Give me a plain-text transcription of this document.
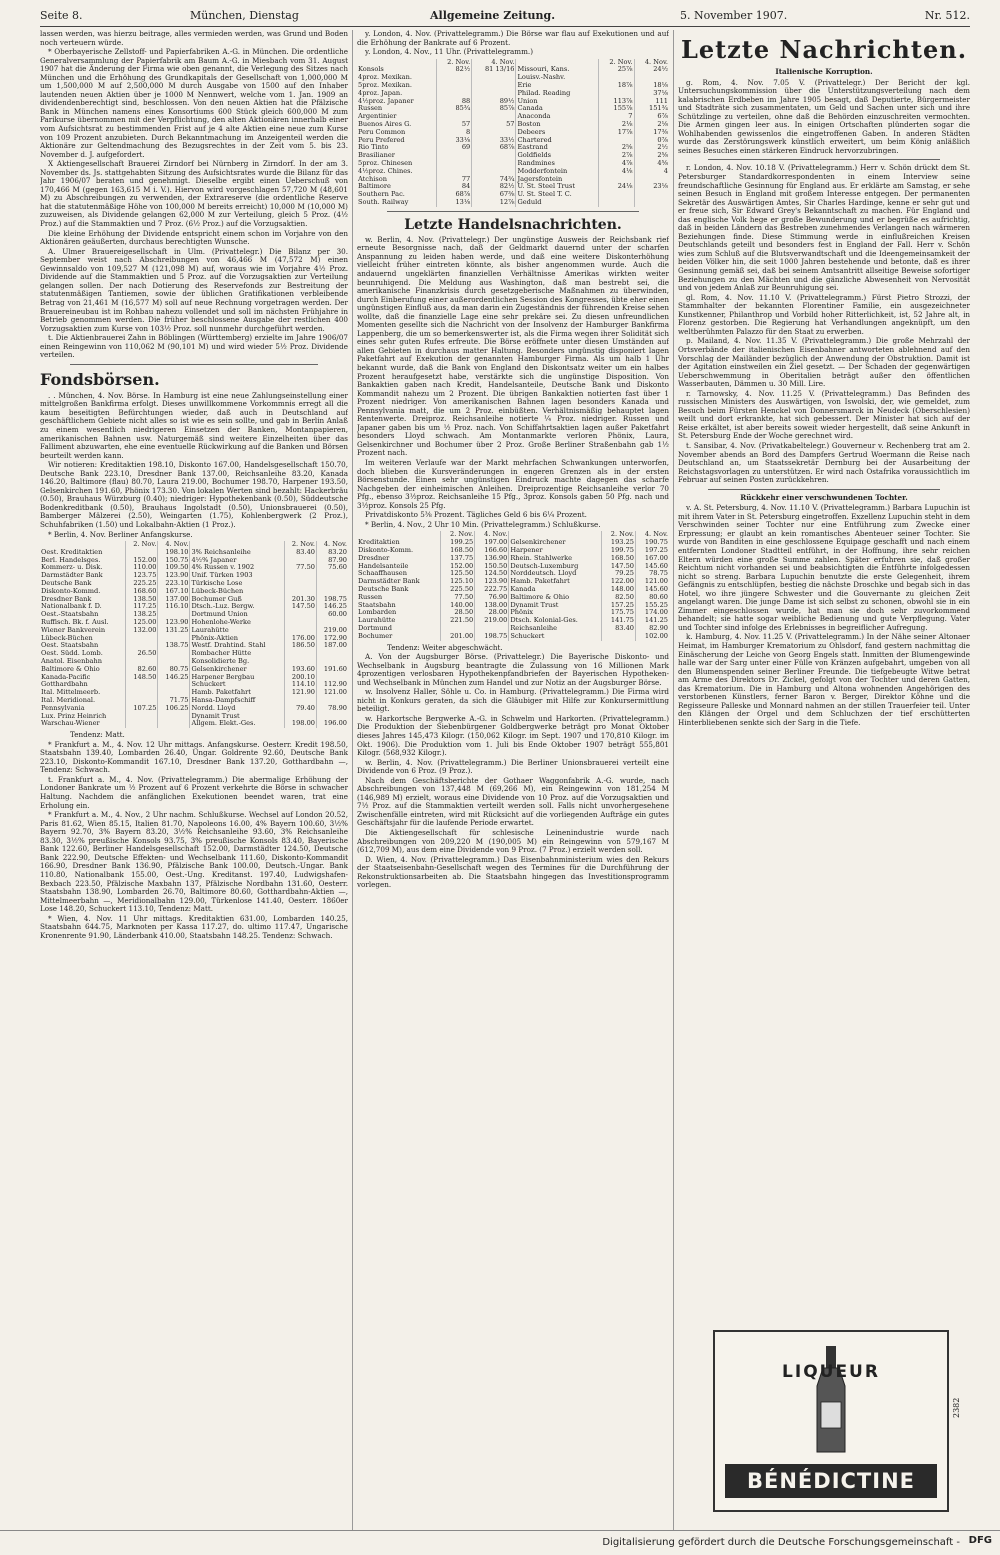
Seite 8.	München, Dienstag	Allgemeine Zeitung.	5. November 1907.	Nr. 512.

lassen werden, was hierzu beitrage, alles vermieden werden, was Grund und Boden noch verteuern würde.

* Oberbayerische Zellstoff- und Papierfabriken A.-G. in München. Die ordentliche Generalversammlung der Papierfabrik am Baum A.-G. in Miesbach vom 31. August 1907 hat die Änderung der Firma wie oben genannt, die Verlegung des Sitzes nach München und die Erhöhung des Grundkapitals der Gesellschaft von 1,000,000 M um 1,500,000 M auf 2,500,000 M durch Ausgabe von 1500 auf den Inhaber lautenden neuen Aktien über je 1000 M Nennwert, welche vom 1. Jan. 1909 an dividendenberechtigt sind, beschlossen. Von den neuen Aktien hat die Pfälzische Bank in München namens eines Konsortiums 600 Stück gleich 600,000 M zum Parikurse übernommen mit der Verpflichtung, den alten Aktionären innerhalb einer vom Aufsichtsrat zu bestimmenden Frist auf je 4 alte Aktien eine neue zum Kurse von 109 Prozent anzubieten. Durch Bekanntmachung im Anzeigenteil werden die Aktionäre zur Geltendmachung des Bezugsrechtes in der Zeit vom 5. bis 23. November d. J. aufgefordert.

X Aktiengesellschaft Brauerei Zirndorf bei Nürnberg in Zirndorf. In der am 3. November ds. Js. stattgehabten Sitzung des Aufsichtsrates wurde die Bilanz für das Jahr 1906/07 beraten und genehmigt. Dieselbe ergibt einen Ueberschuß von 170,466 M (gegen 163,615 M i. V.). Hiervon wird vorgeschlagen 57,720 M (48,601 M) zu Abschreibungen zu verwenden, der Extrareserve (die ordentliche Reserve hat die statutenmäßige Höhe von 100,000 M bereits erreicht) 10,000 M (10,000 M) zuzuweisen, als Dividende gelangen 62,000 M zur Verteilung, gleich 5 Proz. (4½ Proz.) auf die Stammaktien und 7 Proz. (6½ Proz.) auf die Vorzugsaktien.

Die kleine Erhöhung der Dividende entspricht einem schon im Vorjahre von den Aktionären geäußerten, durchaus berechtigten Wunsche.

A. Ulmer Brauereigesellschaft in Ulm. (Privattelegr.) Die Bilanz per 30. September weist nach Abschreibungen von 46,466 M (47,572 M) einen Gewinnsaldo von 109,527 M (121,098 M) auf, woraus wie im Vorjahre 4½ Proz. Dividende auf die Stammaktien und 5 Proz. auf die Vorzugsaktien zur Verteilung gelangen sollen. Der nach Dotierung des Reservefonds zur Bestreitung der statutenmäßigen Tantiemen, sowie der üblichen Gratifikationen verbleibende Betrag von 21,461 M (16,577 M) soll auf neue Rechnung vorgetragen werden. Der Brauereineubau ist im Rohbau nahezu vollendet und soll im nächsten Frühjahre in Betrieb genommen werden. Die früher beschlossene Ausgabe der restlichen 400 Vorzugsaktien zum Kurse von 103½ Proz. soll nunmehr durchgeführt werden.

t. Die Aktienbrauerei Zahn in Böblingen (Württemberg) erzielte im Jahre 1906/07 einen Reingewinn von 110,062 M (90,101 M) und wird wieder 5½ Proz. Dividende verteilen.

Fondsbörsen.

. . München, 4. Nov. Börse. In Hamburg ist eine neue Zahlungseinstellung einer mittelgroßen Bankfirma erfolgt. Dieses unwillkommene Vorkommnis erregt all die kaum beseitigten Befürchtungen wieder, daß auch in Deutschland auf geschäftlichem Gebiete nicht alles so ist wie es sein sollte, und gab in Berlin Anlaß zu einem wesentlich niedrigeren Einsetzen der Banken, Montanpapieren, amerikanischen Bahnen usw. Naturgemäß sind weitere Einzelheiten über das Falliment abzuwarten, ehe eine eventuelle Rückwirkung auf die Banken und Börsen beurteilt werden kann.

Wir notieren: Kreditaktien 198.10, Diskonto 167.00, Handelsgesellschaft 150.70, Deutsche Bank 223.10, Dresdner Bank 137.00, Reichsanleihe 83.20, Kanada 146.20, Baltimore (flau) 80.70, Laura 219.00, Bochumer 198.70, Harpener 193.50, Gelsenkirchen 191.60, Phönix 173.30. Von lokalen Werten sind bezahlt: Hackerbräu (0.50), Brauhaus Würzburg (0.40); niedriger: Hypothekenbank (0.50), Süddeutsche Bodenkreditbank (0.50), Brauhaus Ingolstadt (0.50), Unionsbrauerei (0.50), Bamberger Mälzerei (2.50), Weingarten (1.75), Kohlenbergwerk (2 Proz.), Schuhfabriken (1.50) und Lokalbahn-Aktien (1 Proz.).

* Berlin, 4. Nov. Berliner Anfangskurse.

	2. Nov.	4. Nov.		2. Nov.	4. Nov.
Oest. Kreditaktien		198.10	3% Reichsanleihe	83.40	83.20
Berl. Handelsges.	152.00	150.75	4½% Japaner		87.90
Kommerz- u. Disk.	110.00	109.50	4% Russen v. 1902	77.50	75.60
Darmstädter Bank	123.75	123.90	Unif. Türken 1903		
Deutsche Bank	225.25	223.10	Türkische Lose		
Diskonto-Kommd.	168.60	167.10	Lübeck-Büchen		
Dresdner Bank	138.50	137.00	Bochumer Guß	201.30	198.75
Nationalbank f. D.	117.25	116.10	Dtsch.-Luz. Bergw.	147.50	146.25
Oest.-Staatsbahn	138.25		Dortmund Union		60.00
Ruffisch. Bk. f. Ausl.	125.00	123.90	Hohenlohe-Werke		
Wiener Bankverein	132.00	131.25	Laurahütte		219.00
Lübeck-Büchen			Phönix-Aktien	176.00	172.90
Oest. Staatsbahn		138.75	Westf. Drahtind. Stahl	186.50	187.00
Oest. Südd. Lomb.	26.50		Rombacher Hütte		
Anatol. Eisenbahn			Konsolidierte Bg.		
Baltimore & Ohio	82.60	80.75	Gelsenkirchener	193.60	191.60
Kanada-Pacific	148.50	146.25	Harpener Bergbau	200.10	
Gotthardbahn			Schuckert	114.10	112.90
Ital. Mittelmeerb.			Hamb. Paketfahrt	121.90	121.00
Ital. Meridional.		71.75	Hansa-Dampfschiff		
Pennsylvania	107.25	106.25	Nordd. Lloyd	79.40	78.90
Lux. Prinz Heinrich			Dynamit Trust		
Warschau-Wiener			Allgem. Elekt.-Ges.	198.00	196.00

Tendenz: Matt.

* Frankfurt a. M., 4. Nov. 12 Uhr mittags. Anfangskurse. Oesterr. Kredit 198.50, Staatsbahn 139.40, Lombarden 26.40, Ungar. Goldrente 92.60, Deutsche Bank 223.10, Diskonto-Kommandit 167.10, Dresdner Bank 137.20, Gotthardbahn —, Tendenz: Schwach.

t. Frankfurt a. M., 4. Nov. (Privattelegramm.) Die abermalige Erhöhung der Londoner Bankrate um ½ Prozent auf 6 Prozent verkehrte die Börse in schwacher Haltung. Nachdem die anfänglichen Exekutionen beendet waren, trat eine Erholung ein.

* Frankfurt a. M., 4. Nov., 2 Uhr nachm. Schlußkurse. Wechsel auf London 20.52, Paris 81.62, Wien 85.15, Italien 81.70, Napoleons 16.00, 4% Bayern 100.60, 3½% Bayern 92.70, 3% Bayern 83.20, 3½% Reichsanleihe 93.60, 3% Reichsanleihe 83.30, 3½% preußische Konsols 93.75, 3% preußische Konsols 83.40, Bayerische Bank 122.60, Berliner Handelsgesellschaft 152.00, Darmstädter 124.50, Deutsche Bank 222.90, Deutsche Effekten- und Wechselbank 111.60, Diskonto-Kommandit 166.90, Dresdner Bank 136.90, Pfälzische Bank 100.00, Deutsch.-Ungar. Bank 110.80, Nationalbank 155.00, Oest.-Ung. Kreditanst. 197.40, Ludwigshafen-Bexbach 223.50, Pfälzische Maxbahn 137, Pfälzische Nordbahn 131.60, Oesterr. Staatsbahn 138.90, Lombarden 26.70, Baltimore 80.60, Gotthardbahn-Aktien —, Mittelmeerbahn —, Meridionalbahn 129.00, Türkenlose 141.40, Oesterr. 1860er Lose 148.20, Schuckert 113.10, Tendenz: Matt.

* Wien, 4. Nov. 11 Uhr mittags. Kreditaktien 631.00, Lombarden 140.25, Staatsbahn 644.75, Marknoten per Kassa 117.27, do. ultimo 117.47, Ungarische Kronenrente 91.90, Länderbank 410.00, Staatsbahn 148.25. Tendenz: Schwach.

y. London, 4. Nov. (Privattelegramm.) Die Börse war flau auf Exekutionen und auf die Erhöhung der Bankrate auf 6 Prozent.

y. London, 4. Nov., 11 Uhr. (Privattelegramm.)

	2. Nov.	4. Nov.		2. Nov.	4. Nov.
Konsols	82½	81 13/16	Missouri, Kans.	25⅞	24½
4proz. Mexikan.			Louisv.-Nashv.		
5proz. Mexikan.			Erie	18⅞	18⅛
4proz. Japan.			Philad. Reading		37⅛
4½proz. Japaner	88	89½	Union	113⅞	111
Russen	85¾	85⅞	Canada	155⅞	151¾
Argentinier			Anaconda	7	6⅞
Buenos Aires G.	57	57	Boston	2⅛	2⅛
Peru Common	8		Debeers	17⅞	17⅜
Peru Prefered	33⅛	33½	Chartered		0⅞
Rio Tinto	69	68⅞	Eastrand	2⅝	2½
Brasilianer			Goldfields	2⅞	2⅝
5proz. Chinesen			Randmines	4⅞	4⅝
4½proz. Chines.			Modderfontein	4⅛	4
Atchison	77	74¾	Jagersfontein		
Baltimore	84	82½	U. St. Steel Trust	24⅛	23⅛
Southern Pac.	68⅞	67⅜	U. St. Steel T. C.		
South. Railway	13⅛	12⅞	Geduld		
Letzte Handelsnachrichten.

w. Berlin, 4. Nov. (Privattelegr.) Der ungünstige Ausweis der Reichsbank rief erneute Besorgnisse nach, daß der Geldmarkt dauernd unter der scharfen Anspannung zu leiden haben werde, und daß eine weitere Diskonterhöhung vielleicht früher eintreten könnte, als bisher angenommen wurde. Auch die andauernd ungeklärten finanziellen Verhältnisse Amerikas wirkten weiter beunruhigend. Die Meldung aus Washington, daß man bestrebt sei, die amerikanische Finanzkrisis durch gesetzgeberische Maßnahmen zu überwinden, durch Einberufung einer außerordentlichen Session des Kongresses, übte eher einen ungünstigen Einfluß aus, da man darin ein Zugeständnis der führenden Kreise sehen wollte, daß die finanzielle Lage eine sehr prekäre sei. Zu diesen unfreundlichen Momenten gesellte sich die Nachricht von der Insolvenz der Hamburger Bankfirma Lappenberg, die um so bemerkenswerter ist, als die Firma wegen ihrer Solidität sich eines sehr guten Rufes erfreute. Die Börse eröffnete unter diesen Umständen auf allen Gebieten in durchaus matter Haltung. Besonders ungünstig disponiert lagen Paketfahrt auf Exekution der genannten Hamburger Firma. Als um halb 1 Uhr bekannt wurde, daß die Bank von England den Diskontsatz weiter um ein halbes Prozent heraufgesetzt habe, verstärkte sich die ungünstige Disposition. Von Bankaktien gaben nach Kredit, Handelsanteile, Deutsche Bank und Diskonto Kommandit nahezu um 2 Prozent. Die übrigen Bankaktien notierten fast über 1 Prozent niedriger. Von amerikanischen Bahnen lagen besonders Kanada und Pennsylvania matt, die um 2 Proz. einbüßten. Verhältnismäßig behauptet lagen Rentenwerte. Dreiproz. Reichsanleihe notierte ¼ Proz. niedriger. Russen und Japaner gaben bis um ½ Proz. nach. Von Schiffahrtsaktien lagen außer Paketfahrt besonders Lloyd schwach. Am Montanmarkte verloren Phönix, Laura, Gelsenkirchner und Bochumer über 2 Proz. Große Berliner Straßenbahn gab 1½ Prozent nach.

Im weiteren Verlaufe war der Markt mehrfachen Schwankungen unterworfen, doch blieben die Kursveränderungen in engeren Grenzen als in der ersten Börsenstunde. Einen sehr ungünstigen Eindruck machte dagegen das scharfe Nachgeben der einheimischen Anleihen. Dreiprozentige Reichsanleihe verlor 70 Pfg., ebenso 3½proz. Reichsanleihe 15 Pfg., 3proz. Konsols gaben 50 Pfg. nach und 3½proz. Konsols 25 Pfg.

Privatdiskonto 5⅜ Prozent. Tägliches Geld 6 bis 6¼ Prozent.

* Berlin, 4. Nov., 2 Uhr 10 Min. (Privattelegramm.) Schlußkurse.

	2. Nov.	4. Nov.		2. Nov.	4. Nov.
Kreditaktien	199.25	197.00	Gelsenkirchener	193.25	190.75
Diskonto-Komm.	168.50	166.60	Harpener	199.75	197.25
Dresdner	137.75	136.90	Rhein. Stahlwerke	168.50	167.00
Handelsanteile	152.00	150.50	Deutsch-Luxemburg	147.50	145.60
Schaaffhausen	125.50	124.50	Norddeutsch. Lloyd	79.25	78.75
Darmstädter Bank	125.10	123.90	Hamb. Paketfahrt	122.00	121.00
Deutsche Bank	225.50	222.75	Kanada	148.00	145.60
Russen	77.50	76.90	Baltimore & Ohio	82.50	80.60
Staatsbahn	140.00	138.00	Dynamit Trust	157.25	155.25
Lombarden	28.50	28.00	Phönix	175.75	174.00
Laurahütte	221.50	219.00	Dtsch. Kolonial-Ges.	141.75	141.25
Dortmund			Reichsanleihe	83.40	82.90
Bochumer	201.00	198.75	Schuckert		102.00

Tendenz: Weiter abgeschwächt.

A. Von der Augsburger Börse. (Privattelegr.) Die Bayerische Diskonto- und Wechselbank in Augsburg beantragte die Zulassung von 16 Millionen Mark 4prozentigen verlosbaren Hypothekenpfandbriefen der Bayerischen Hypotheken- und Wechselbank in München zum Handel und zur Notiz an der Augsburger Börse.

w. Insolvenz Haller, Söhle u. Co. in Hamburg. (Privattelegramm.) Die Firma wird nicht in Konkurs geraten, da sich die Gläubiger mit Hilfe zur Konkursermittlung beteiligt.

w. Harkortsche Bergwerke A.-G. in Schwelm und Harkorten. (Privattelegramm.) Die Produktion der Siebenbürgener Goldbergwerke beträgt pro Monat Oktober dieses Jahres 145,473 Kilogr. (150,062 Kilogr. im Sept. 1907 und 170,810 Kilogr. im Okt. 1906). Die Produktion vom 1. Juli bis Ende Oktober 1907 beträgt 555,801 Kilogr. (568,932 Kilogr.).

w. Berlin, 4. Nov. (Privattelegramm.) Die Berliner Unionsbrauerei verteilt eine Dividende von 6 Proz. (9 Proz.).

Nach dem Geschäftsberichte der Gothaer Waggonfabrik A.-G. wurde, nach Abschreibungen von 137,448 M (69,266 M), ein Reingewinn von 181,254 M (146,989 M) erzielt, woraus eine Dividende von 10 Proz. auf die Vorzugsaktien und 7½ Proz. auf die Stammaktien verteilt werden soll. Falls nicht unvorhergesehene Zwischenfälle eintreten, wird mit Rücksicht auf die vorliegenden Aufträge ein gutes Geschäftsjahr für die laufende Periode erwartet.

Die Aktiengesellschaft für schlesische Leinenindustrie wurde nach Abschreibungen von 209,220 M (190,005 M) ein Reingewinn von 579,167 M (612,709 M), aus dem eine Dividende von 9 Proz. (7 Proz.) erzielt werden soll.

D. Wien, 4. Nov. (Privattelegramm.) Das Eisenbahnministerium wies den Rekurs der Staatseisenbahn-Gesellschaft wegen des Termines für die Durchführung der Rekonstruktionsarbeiten ab. Die Staatsbahn hingegen das Investitionsprogramm vorlegen.

Letzte Nachrichten.

Italienische Korruption.

g. Rom, 4. Nov. 7.05 V. (Privattelegr.) Der Bericht der kgl. Untersuchungskommission über die Unterstützungsverteilung nach dem kalabrischen Erdbeben im Jahre 1905 besagt, daß Deputierte, Bürgermeister und Stadträte sich zusammentaten, um Geld und Sachen unter sich und ihre Schützlinge zu verteilen, ohne daß die Behörden einzuschreiten vermochten. Die Armen gingen leer aus. In einigen Ortschaften plünderten sogar die Wohlhabenden gewissenlos die eingetroffenen Gaben. In anderen Städten wurde das Zerstörungswerk künstlich erweitert, um beim König anläßlich seines Besuches einen stärkeren Eindruck hervorzubringen.

r. London, 4. Nov. 10.18 V. (Privattelegramm.) Herr v. Schön drückt dem St. Petersburger Standardkorrespondenten in einem Interview seine freundschaftliche Gesinnung für England aus. Er erklärte am Samstag, er sehe seinen Besuch in England mit großem Interesse entgegen. Der permanenten Sekretär des Auswärtigen Amtes, Sir Charles Hardinge, kenne er sehr gut und er freue sich, Sir Edward Grey's Bekanntschaft zu machen. Für England und das englische Volk hege er große Bewunderung und er begrüße es aufrichtig, daß in beiden Ländern das Bestreben zunehmendes Verlangen nach wärmeren Beziehungen finde. Diese Stimmung werde in einflußreichen Kreisen Deutschlands geteilt und besonders fest in England der Fall. Herr v. Schön wies zum Schluß auf die Blutsverwandtschaft und die Ideengemeinsamkeit der beiden Völker hin, die seit 1000 Jahren bestehende und betonte, daß es ihrer Gesinnung gemäß sei, daß bei seinem Amtsantritt allseitige Beweise sofortiger Beziehungen zu den Mächten und die gänzliche Abwesenheit von Nervosität und von jedem Anlaß zur Beunruhigung sei.

gl. Rom, 4. Nov. 11.10 V. (Privattelegramm.) Fürst Pietro Strozzi, der Stammhalter der bekannten Florentiner Familie, ein ausgezeichneter Kunstkenner, Philanthrop und Vorbild hoher Ritterlichkeit, ist, 52 Jahre alt, in Florenz gestorben. Die Regierung hat Verhandlungen angeknüpft, um den weltberühmten Palazzo für den Staat zu erwerben.

p. Mailand, 4. Nov. 11.35 V. (Privattelegramm.) Die große Mehrzahl der Ortsverbände der italienischen Eisenbahner antworteten ablehnend auf den Vorschlag der Mailänder bezüglich der Anwendung der Obstruktion. Damit ist der Agitation einstweilen ein Ziel gesetzt. — Der Schaden der gegenwärtigen Ueberschwemmung in Oberitalien beträgt außer den öffentlichen Wasserbauten, Dämmen u. 30 Mill. Lire.

r. Tarnowsky, 4. Nov. 11.25 V. (Privattelegramm.) Das Befinden des russischen Ministers des Auswärtigen, von Iswolski, der, wie gemeldet, zum Besuch beim Fürsten Henckel von Donnersmarck in Neudeck (Oberschlesien) weilt und dort erkrankte, hat sich gebessert. Der Minister hat sich auf der Reise erkältet, ist aber bereits soweit wieder hergestellt, daß seine Ankunft in St. Petersburg Ende der Woche gerechnet wird.

t. Sansibar, 4. Nov. (Privatkabeltelegr.) Gouverneur v. Rechenberg trat am 2. November abends an Bord des Dampfers Gertrud Woermann die Reise nach Deutschland an, um Staatssekretär Dernburg bei der Ausarbeitung der Reichstagsvorlagen zu unterstützen. Er wird nach Ostafrika voraussichtlich im Februar auf seinen Posten zurückkehren.

Rückkehr einer verschwundenen Tochter.

v. A. St. Petersburg, 4. Nov. 11.10 V. (Privattelegramm.) Barbara Lupuchin ist mit ihrem Vater in St. Petersburg eingetroffen. Exzellenz Lupuchin steht in dem Verschwinden seiner Tochter nur eine Entführung zum Zwecke einer Erpressung; er glaubt an kein romantisches Abenteuer seiner Tochter. Sie wurde von Banditen in eine geschlossene Equipage geschafft und nach einem entfernten Londoner Stadtteil entführt, in der Hoffnung, ihre sehr reichen Eltern würden eine große Summe zahlen. Später erfuhren sie, daß großer Reichtum nicht vorhanden sei und beabsichtigten die Entführte infolgedessen nicht so streng. Barbara Lupuchin benutzte die erste Gelegenheit, ihrem Gefängnis zu entschlüpfen, bestieg die nächste Droschke und begab sich in das Hotel, wo ihre jüngere Schwester und die Gouvernante zu gleichen Zeit angelangt waren. Die junge Dame ist sich selbst zu schonen, obwohl sie in ein Zimmer eingeschlossen wurde, hat man sie doch sehr zuvorkommend behandelt; sie hatte sogar weibliche Bedienung und gute Verpflegung. Vater und Tochter sind infolge des Erlebnisses in begreiflicher Aufregung.

k. Hamburg, 4. Nov. 11.25 V. (Privattelegramm.) In der Nähe seiner Altonaer Heimat, im Hamburger Krematorium zu Ohlsdorf, fand gestern nachmittag die Einäscherung der Leiche von Georg Engels statt. Inmitten der Blumengewinde halle war der Sarg unter einer Fülle von Kränzen aufgebahrt, umgeben von all den Blumenspenden seiner Berliner Freunde. Die tiefgebeugte Witwe betrat am Arme des Direktors Dr. Zickel, gefolgt von der Tochter und deren Gatten, das Krematorium. Die in Hamburg und Altona wohnenden Angehörigen des verstorbenen Künstlers, ferner Baron v. Berger, Direktor Köhne und die Regisseure Palleske und Monnard nahmen an der stillen Trauerfeier teil. Unter den Klängen der Orgel und dem Schluchzen der tief erschütterten Hinterbliebenen senkte sich der Sarg in die Tiefe.

LIQUEUR
BÉNÉDICTINE
2382
Digitalisierung gefördert durch die Deutsche Forschungsgemeinschaft - DFG
